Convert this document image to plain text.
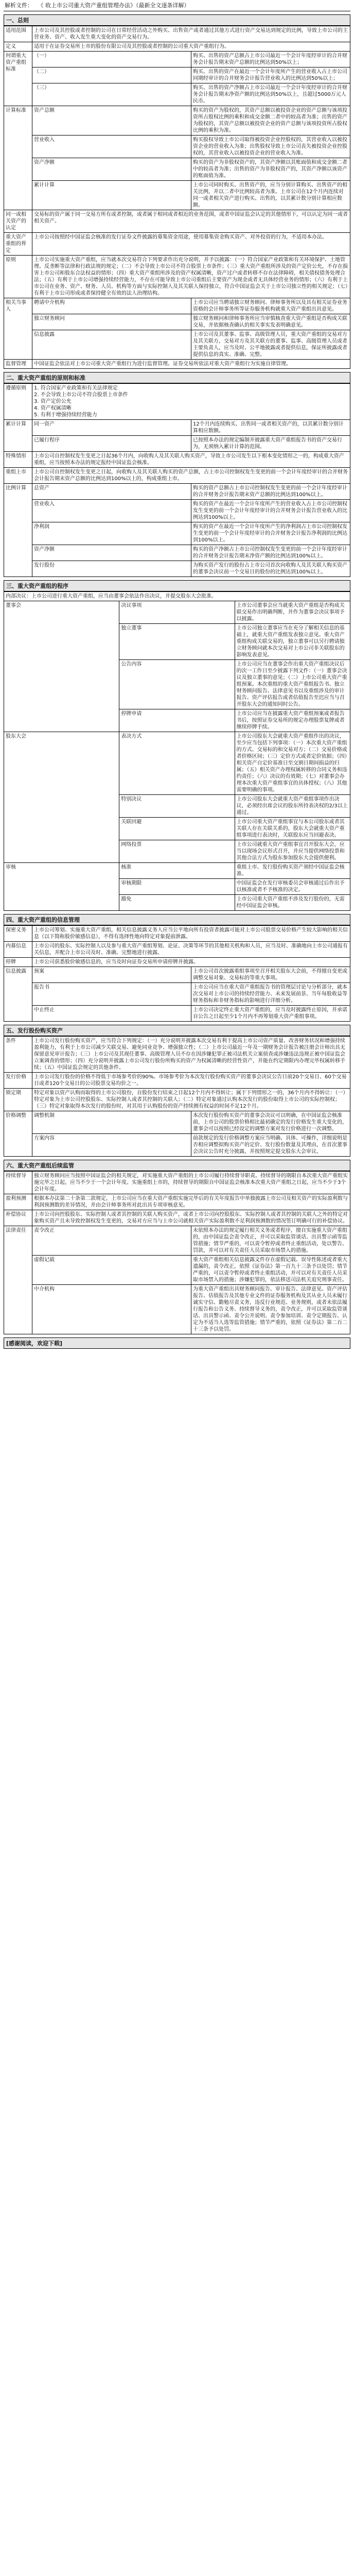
解析文件： 《 收上市公司重大资产重组管理办法》（最新全文逐条详解）
一、总则
适用范围	上市公司及其控股或者控制的公司在日常经营活动之外购买、出售资产或者通过其他方式进行资产交易达到规定的比例，导致上市公司的主营业务、资产、收入发生重大变化的资产交易行为。	
定义	适用于在证券交易所上市的股份有限公司及其控股或者控制的公司重大资产重组行为。	
何谓重大资产重组标准	（一）	购买、出售的资产总额占上市公司最近一个会计年度经审计的合并财务会计报告期末资产总额的比例达到50%以上；
	（二）	购买、出售的资产在最近一个会计年度所产生的营业收入占上市公司同期经审计的合并财务会计报告营业收入的比例达到50%以上；
	（三）	购买、出售的资产净额占上市公司最近一个会计年度经审计的合并财务会计报告期末净资产额的比例达到50%以上，且超过5000万元人民币。
计算标准	资产总额	购买的资产为股权的，其资产总额以被投资企业的资产总额与该项投资所占股权比例的乘积和成交金额二者中的较高者为准；出售的资产为股权的，其资产总额以被投资企业的资产总额与该项投资所占股权比例的乘积为准。
	营业收入	购买股权导致上市公司取得被投资企业控股权的，其营业收入以被投资企业的营业收入为准；出售股权导致上市公司丧失被投资企业控股权的，其营业收入以被投资企业的营业收入为准。
	资产净额	购买的资产为非股权资产的，其资产净额以其账面值和成交金额二者中的较高者为准；出售的资产为非股权资产的，其资产净额以该资产的账面值为准。
	累计计算	上市公司同时购买、出售资产的，应当分别计算购买、出售资产的相关比例，并以二者中比例较高者为准。上市公司在12个月内连续对同一或者相关资产进行购买、出售的，以其累计数分别计算相应数额。
同一或相关资产的认定	交易标的资产属于同一交易方所有或者控制，或者属于相同或者相近的业务范围，或者中国证监会认定的其他情形下，可以认定为同一或者相关资产。	
重大资产重组的界定	上市公司按照经中国证监会核准的发行证券文件披露的募集资金用途，使用募集资金购买资产、对外投资的行为，不适用本办法。	
原则	上市公司实施重大资产重组，应当就本次交易符合下列要求作出充分说明，并予以披露：（一）符合国家产业政策和有关环境保护、土地管理、反垄断等法律和行政法规的规定；（二）不会导致上市公司不符合股票上市条件；（三）重大资产重组所涉及的资产定价公允，不存在损害上市公司和股东合法权益的情形；（四）重大资产重组所涉及的资产权属清晰，资产过户或者转移不存在法律障碍，相关债权债务处理合法；（五）有利于上市公司增强持续经营能力，不存在可能导致上市公司重组后主要资产为现金或者无具体经营业务的情形；（六）有利于上市公司在业务、资产、财务、人员、机构等方面与实际控制人及其关联人保持独立，符合中国证监会关于上市公司独立性的相关规定；（七）有利于上市公司形成或者保持健全有效的法人治理结构。	
相关当事人	聘请中介机构	上市公司应当聘请独立财务顾问、律师事务所以及具有相关证券业务资格的会计师事务所等证券服务机构就重大资产重组出具意见。
	独立财务顾问	独立财务顾问和律师事务所应当审慎核查重大资产重组是否构成关联交易，并依据核查确认的相关事实发表明确意见。
	信息披露	上市公司及其董事、监事、高级管理人员，重大资产重组的交易对方及其关联方，交易对方及其关联方的董事、监事、高级管理人员或者主要负责人，应当及时、公平地披露或者提供信息，保证所披露或者提供信息的真实、准确、完整。
监督管理	中国证监会依法对上市公司重大资产重组行为进行监督管理。证券交易所依法对重大资产重组行为实施自律管理。	
二、重大资产重组的原则和标准
遵循原则	1. 符合国家产业政策和有关法律规定
2. 不会导致上市公司不符合股票上市条件
3. 资产定价公允
4. 资产权属清晰
5. 有利于增强持续经营能力	

累计计算	同一资产	12个月内连续购买、出售同一或者相关资产的，以其累计数分别计算相应数额。
	已履行程序	已按照本办法的规定编制并披露重大资产重组报告书的资产交易行为，无须纳入累计计算的范围。
特殊情形	上市公司自控制权发生变更之日起36个月内，向收购人及其关联人购买资产，导致上市公司发生以下根本变化情形之一的，构成重大资产重组，应当按照本办法的规定报经中国证监会核准。	
重组上市	上市公司自控制权发生变更之日起，向收购人及其关联人购买的资产总额，占上市公司控制权发生变更的前一个会计年度经审计的合并财务会计报告期末资产总额的比例达到100%以上的，构成重组上市。	
比例计算	总资产	购买的资产总额占上市公司控制权发生变更的前一个会计年度经审计的合并财务会计报告期末资产总额的比例达到100%以上。
	营业收入	购买的资产在最近一个会计年度所产生的营业收入占上市公司控制权发生变更的前一个会计年度经审计的合并财务会计报告营业收入的比例达到100%以上。
	净利润	购买的资产在最近一个会计年度所产生的净利润占上市公司控制权发生变更的前一个会计年度经审计的合并财务会计报告净利润的比例达到100%以上。
	资产净额	购买的资产净额占上市公司控制权发生变更的前一个会计年度经审计的合并财务会计报告期末净资产额的比例达到100%以上。
	发行股份	为购买资产发行的股份占上市公司首次向收购人及其关联人购买资产的董事会决议前一个交易日的股份的比例达到100%以上。
三、重大资产重组的程序
内部决议：上市公司进行重大资产重组，应当由董事会依法作出决议，并提交股东大会批准。		
董事会	决议事项	上市公司董事会应当就重大资产重组是否构成关联交易作出明确判断，并作为董事会决议事项予以披露。
	独立董事	上市公司独立董事应当在充分了解相关信息的基础上，就重大资产重组发表独立意见。重大资产重组构成关联交易的，独立董事可以另行聘请独立财务顾问就本次交易对上市公司非关联股东的影响发表意见。
	公告内容	上市公司应当在董事会作出重大资产重组决议后的次一工作日至少披露下列文件：（一）董事会决议及独立董事的意见；（二）上市公司重大资产重组预案。本次重组的重大资产重组报告书、独立财务顾问报告、法律意见书以及重组涉及的审计报告、资产评估报告或者估值报告至迟应当与召开股东大会的通知同时公告。
	停牌申请	上市公司应当在披露重大资产重组预案或者报告书后，按照证券交易所的规定办理股票复牌或者继续停牌手续。
股东大会	表决方式	上市公司股东大会就重大资产重组作出的决议，至少应当包括下列事项：（一）本次重大资产重组的方式、交易标的和交易对方；（二）交易价格或者价格区间；（三）定价方式或者定价依据；（四）相关资产自定价基准日至交割日期间损益的归属；（五）相关资产办理权属转移的合同义务和违约责任；（六）决议的有效期；（七）对董事会办理本次重大资产重组事宜的具体授权；（八）其他需要明确的事项。
	特别决议	上市公司股东大会就重大资产重组事项作出决议，必须经出席会议的股东所持表决权的2/3以上通过。
	关联回避	上市公司重大资产重组事宜与本公司股东或者其关联人存在关联关系的，股东大会就重大资产重组事项进行表决时，关联股东应当回避表决。
	网络投票	上市公司就重大资产重组事宜召开股东大会，应当以现场会议形式召开，并应当提供网络投票和其他合法方式为股东参加股东大会提供便利。
审核	核准	重组上市、发行股份购买资产须经中国证监会核准。
	审核期限	中国证监会在发行审核委员会审核通过后作出予以核准或者不予核准的决定。
	豁免	上市公司重大资产重组不涉及发行股份的，无需经中国证监会审核。
四、重大资产重组的信息管理
保密义务	上市公司筹划、实施重大资产重组，相关信息披露义务人应当公平地向所有投资者披露可能对上市公司股票交易价格产生较大影响的相关信息（以下简称股价敏感信息），不得有选择性地向特定对象提前泄露。	
内幕信息	上市公司的股东、实际控制人以及参与重大资产重组筹划、论证、决策等环节的其他相关机构和人员，应当及时、准确地向上市公司通报有关信息，并配合上市公司及时、准确、完整地进行披露。	
停牌	上市公司获悉股价敏感信息的，应当及时向证券交易所申请停牌并披露。	
信息披露	预案	上市公司首次披露重组事项至召开相关股东大会前，不得擅自变更或调整交易对象、交易标的等重大事项。
	报告书	上市公司应当在重大资产重组报告书的管理层讨论与分析部分，就本次交易对上市公司的持续经营能力、未来发展前景、当年每股收益等财务指标和非财务指标的影响进行详细分析。
	中止终止	上市公司决定终止重大资产重组的，应当及时披露终止原因，并承诺自公告之日起至少1个月内不再筹划重大资产重组事项。
五、发行股份购买资产
条件	上市公司发行股份购买资产，应当符合下列规定：（一）充分说明并披露本次交易有利于提高上市公司资产质量、改善财务状况和增强持续盈利能力，有利于上市公司减少关联交易、避免同业竞争、增强独立性；（二）上市公司最近一年及一期财务会计报告被注册会计师出具无保留意见审计报告；（三）上市公司及其现任董事、高级管理人员不存在因涉嫌犯罪正被司法机关立案侦查或涉嫌违法违规正被中国证监会立案调查的情形；（四）充分说明并披露上市公司发行股份所购买的资产为权属清晰的经营性资产，并能在约定期限内办理完毕权属转移手续；（五）中国证监会规定的其他条件。	
发行价格	上市公司发行股份的价格不得低于市场参考价的90%。市场参考价为本次发行股份购买资产的董事会决议公告日前20个交易日、60个交易日或者120个交易日的公司股票交易均价之一。	
锁定期	特定对象以资产认购而取得的上市公司股份，自股份发行结束之日起12个月内不得转让；属于下列情形之一的，36个月内不得转让：（一）特定对象为上市公司控股股东、实际控制人或者其控制的关联人；（二）特定对象通过认购本次发行的股份取得上市公司的实际控制权；（三）特定对象取得本次发行的股份时，对其用于认购股份的资产持续拥有权益的时间不足12个月。	
价格调整	调整机制	本次发行股份购买资产的董事会决议可以明确，在中国证监会核准前，上市公司的股票价格相比最初确定的发行价格发生重大变化的，董事会可以按照已经设定的调整方案对发行价格进行一次调整。
	方案内容	前款规定的发行价格调整方案应当明确、具体、可操作，详细说明是否相应调整拟购买资产的定价、发行股份数量及其理由，在首次董事会决议公告时充分披露，并按照规定提交股东大会审议。
六、重大资产重组后续监管
持续督导	独立财务顾问应当按照中国证监会的相关规定，对实施重大资产重组的上市公司履行持续督导职责。持续督导的期限自本次重大资产重组实施完毕之日起，应当不少于一个会计年度。实施重组上市的，持续督导的期限自中国证监会核准本次重大资产重组之日起，应当不少于3个会计年度。	
盈利预测	根据本办法第二十条第二款规定，上市公司应当在重大资产重组实施完毕后的有关年度报告中单独披露上市公司及相关资产的实际盈利数与利润预测数的差异情况，并由会计师事务所对此出具专项审核意见。	
补偿协议	上市公司向控股股东、实际控制人或者其控制的关联人购买资产，或者上市公司向控股股东、实际控制人或者其控制的关联人之外的特定对象购买资产且未导致控制权发生变更的，交易对方应当与上市公司就相关资产实际盈利数不足利润预测数的情况签订明确可行的补偿协议。	
法律责任	责令改正	未依照本办法的规定履行相关义务或者程序，擅自实施重大资产重组的，由中国证监会责令改正，并可以采取监管谈话、出具警示函等监管措施；情节严重的，可以责令暂停或者终止重组活动，处以警告、罚款，并可以对有关责任人员采取市场禁入的措施。
	虚假记载	重大资产重组相关信息披露文件存在虚假记载、误导性陈述或者重大遗漏的，责令改正，依照《证券法》第一百九十三条予以处罚；情节严重的，可以责令暂停或者终止重组活动，并可以对有关责任人员采取市场禁入的措施；涉嫌犯罪的，依法移送司法机关追究刑事责任。
	中介机构	为重大资产重组出具财务顾问报告、审计报告、法律意见、资产评估报告、估值报告及其他专业文件的证券服务机构及其从业人员未履行诚实守信、勤勉尽责义务，违反行业规范、业务规则，或者未依法履行报告和公告义务、持续督导义务的，责令改正，并可以采取监管谈话、出具警示函、责令公开说明、责令参加培训、责令定期报告、认定为不适当人选等监管措施；情节严重的，依照《证券法》第二百二十三条予以处罚。
[感谢阅读，欢迎下载]
